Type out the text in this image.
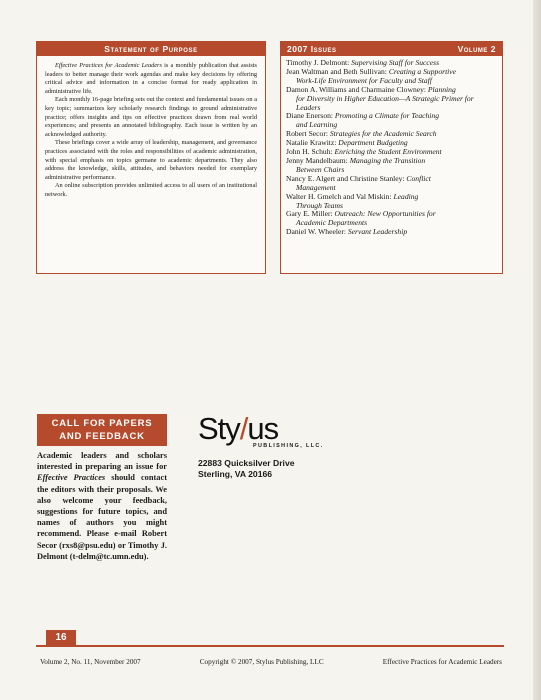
Statement of Purpose

Effective Practices for Academic Leaders is a monthly publication that assists leaders to better manage their work agendas and make key decisions by offering critical advice and information in a concise format for ready application in administrative life.

Each monthly 16-page briefing sets out the context and fundamental issues on a key topic; summarizes key scholarly research findings to ground administrative practice; offers insights and tips on effective practices drawn from real world experiences; and presents an annotated bibliography. Each issue is written by an acknowledged authority.

These briefings cover a wide array of leadership, management, and governance practices associated with the roles and responsibilities of academic administration, with special emphasis on topics germane to academic departments. They also address the knowledge, skills, attitudes, and behaviors needed for exemplary administrative performance.

An online subscription provides unlimited access to all users of an institutional network.

2007 Issues	Volume 2
Timothy J. Delmont: Supervising Staff for Success
Jean Waltman and Beth Sullivan: Creating a Supportive
Work-Life Environment for Faculty and Staff
Damon A. Williams and Charmaine Clowney: Planning
for Diversity in Higher Education—A Strategic Primer for Leaders
Diane Enerson: Promoting a Climate for Teaching
and Learning
Robert Secor: Strategies for the Academic Search
Natalie Krawitz: Department Budgeting
John H. Schuh: Enriching the Student Environment
Jenny Mandelbaum: Managing the Transition
Between Chairs
Nancy E. Algert and Christine Stanley: Conflict
Management
Walter H. Gmelch and Val Miskin: Leading
Through Teams
Gary E. Miller: Outreach: New Opportunities for
Academic Departments
Daniel W. Wheeler: Servant Leadership
CALL FOR PAPERS
AND FEEDBACK
Academic leaders and scholars interested in preparing an issue for Effective Practices should contact the editors with their proposals. We also welcome your feedback, suggestions for future topics, and names of authors you might recommend. Please e-mail Robert Secor (rxs8@psu.edu) or Timothy J. Delmont (t-delm@tc.umn.edu).
Sty/us
PUBLISHING, LLC.
22883 Quicksilver Drive
Sterling, VA 20166
16
Volume 2, No. 11, November 2007	Copyright © 2007, Stylus Publishing, LLC	Effective Practices for Academic Leaders
